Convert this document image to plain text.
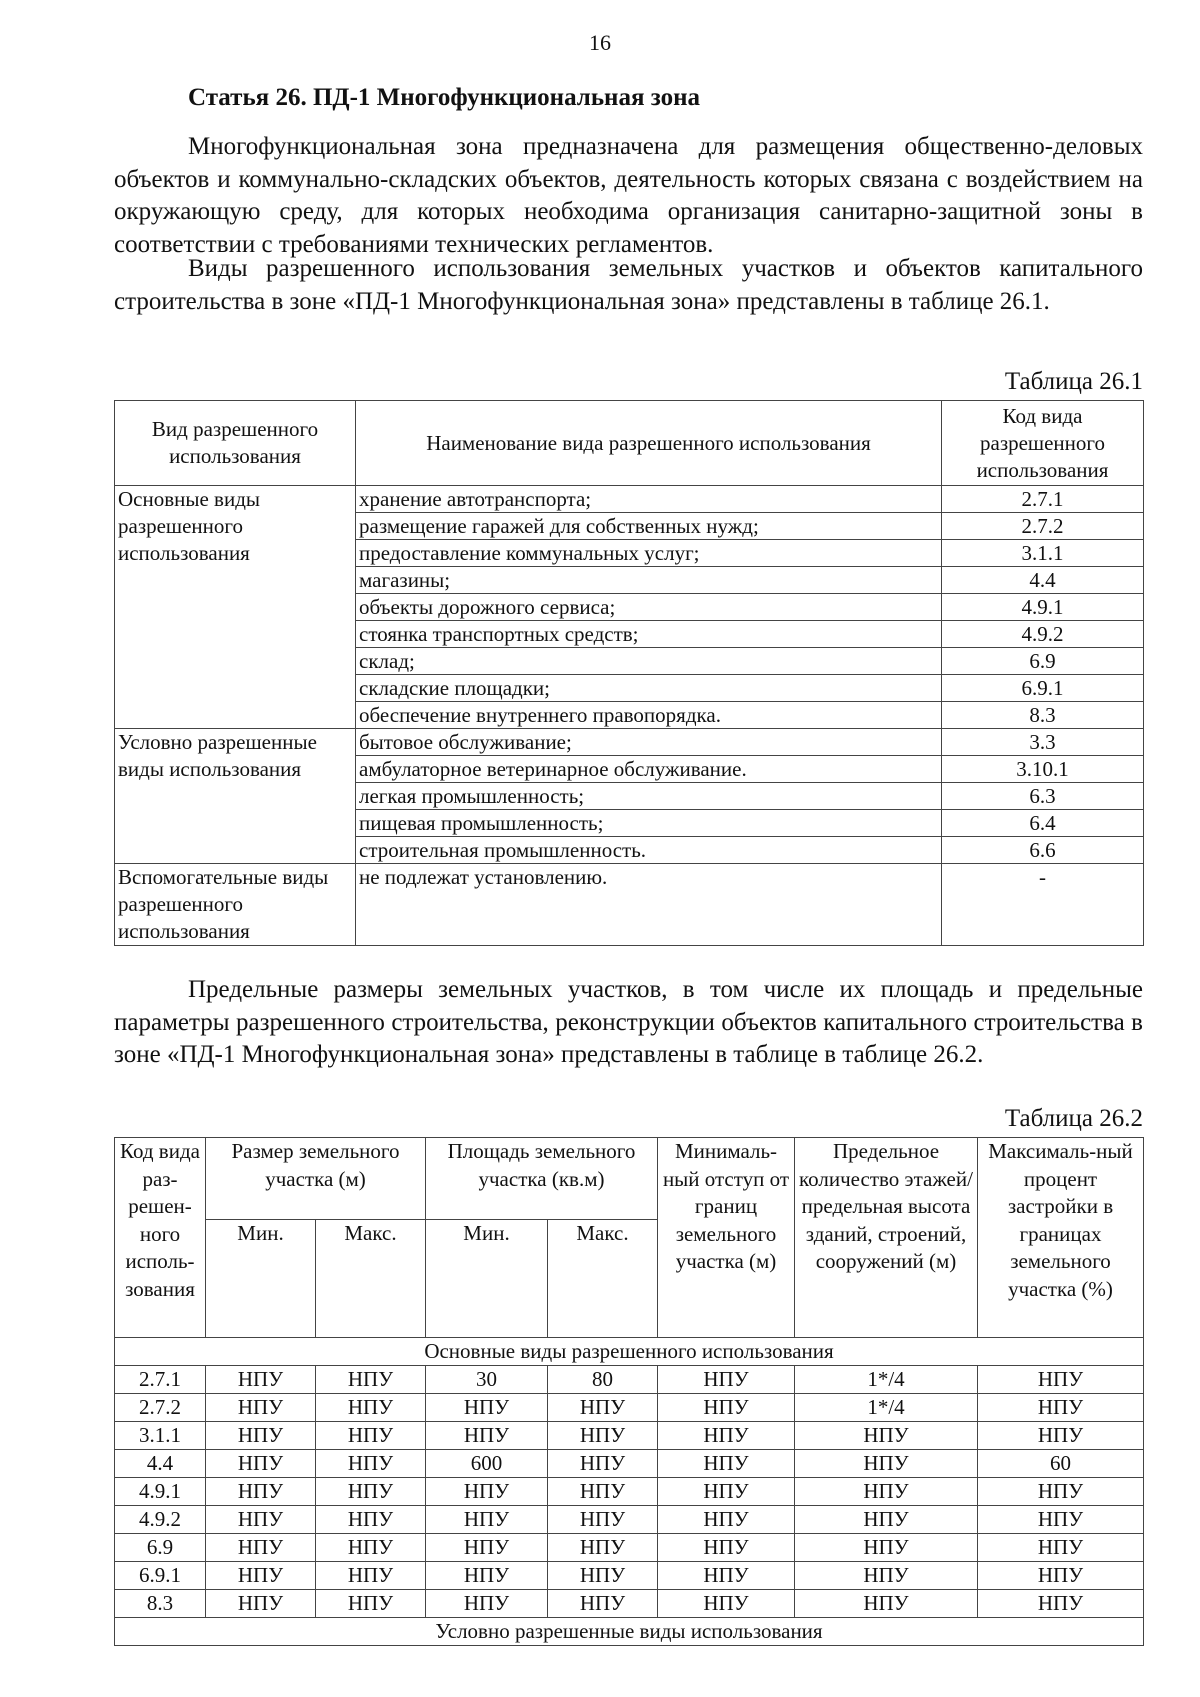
16
Статья 26. ПД-1 Многофункциональная зона
Многофункциональная зона предназначена для размещения общественно-деловых объектов и коммунально-складских объектов, деятельность которых связана с воздействием на окружающую среду, для которых необходима организация санитарно-защитной зоны в соответствии с требованиями технических регламентов.
Виды разрешенного использования земельных участков и объектов капитального строительства в зоне «ПД-1 Многофункциональная зона» представлены в таблице 26.1.
Таблица 26.1
Вид разрешенного использования	Наименование вида разрешенного использования	Код вида разрешенного использования
Основные виды разрешенного использования	хранение автотранспорта;	2.7.1
	размещение гаражей для собственных нужд;	2.7.2
	предоставление коммунальных услуг;	3.1.1
	магазины;	4.4
	объекты дорожного сервиса;	4.9.1
	стоянка транспортных средств;	4.9.2
	склад;	6.9
	складские площадки;	6.9.1
	обеспечение внутреннего правопорядка.	8.3
Условно разрешенные виды использования	бытовое обслуживание;	3.3
	амбулаторное ветеринарное обслуживание.	3.10.1
	легкая промышленность;	6.3
	пищевая промышленность;	6.4
	строительная промышленность.	6.6
Вспомогательные виды разрешенного использования	не подлежат установлению.	-
Предельные размеры земельных участков, в том числе их площадь и предельные параметры разрешенного строительства, реконструкции объектов капитального строительства в зоне «ПД-1 Многофункциональная зона» представлены в таблице в таблице 26.2.
Таблица 26.2
Код вида раз-решен-ного исполь-зования	Размер земельного участка (м)		Площадь земельного участка (кв.м)		Минималь-ный отступ от границ земельного участка (м)	Предельное количество этажей/ предельная высота зданий, строений, сооружений (м)	Максималь-ный процент застройки в границах земельного участка (%)
	Мин.	Макс.	Мин.	Макс.			
Основные виды разрешенного использования							
2.7.1	НПУ	НПУ	30	80	НПУ	1*/4	НПУ
2.7.2	НПУ	НПУ	НПУ	НПУ	НПУ	1*/4	НПУ
3.1.1	НПУ	НПУ	НПУ	НПУ	НПУ	НПУ	НПУ
4.4	НПУ	НПУ	600	НПУ	НПУ	НПУ	60
4.9.1	НПУ	НПУ	НПУ	НПУ	НПУ	НПУ	НПУ
4.9.2	НПУ	НПУ	НПУ	НПУ	НПУ	НПУ	НПУ
6.9	НПУ	НПУ	НПУ	НПУ	НПУ	НПУ	НПУ
6.9.1	НПУ	НПУ	НПУ	НПУ	НПУ	НПУ	НПУ
8.3	НПУ	НПУ	НПУ	НПУ	НПУ	НПУ	НПУ
Условно разрешенные виды использования							
